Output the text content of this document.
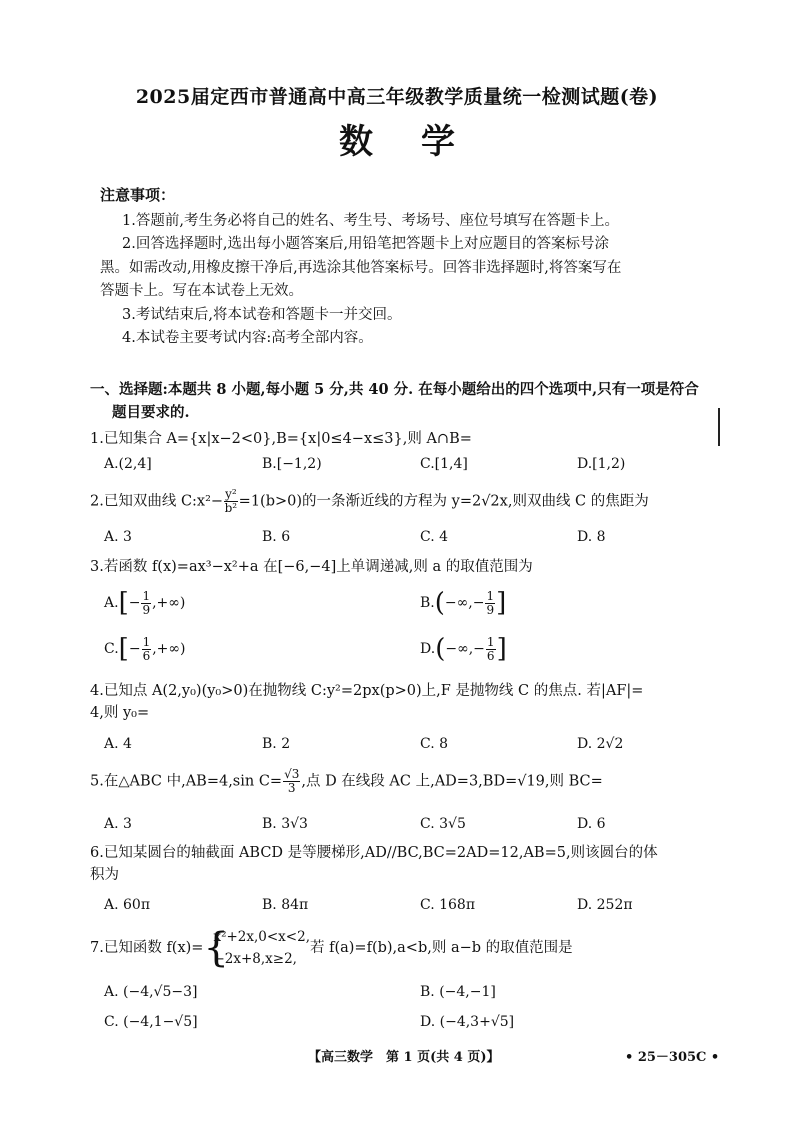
2025届定西市普通高中高三年级教学质量统一检测试题(卷)
数学
注意事项：
1.答题前,考生务必将自己的姓名、考生号、考场号、座位号填写在答题卡上。
2.回答选择题时,选出每小题答案后,用铅笔把答题卡上对应题目的答案标号涂
黑。如需改动,用橡皮擦干净后,再选涂其他答案标号。回答非选择题时,将答案写在
答题卡上。写在本试卷上无效。
3.考试结束后,将本试卷和答题卡一并交回。
4.本试卷主要考试内容:高考全部内容。
一、选择题:本题共 8 小题,每小题 5 分,共 40 分. 在每小题给出的四个选项中,只有一项是符合
题目要求的.
1.已知集合 A={x|x−2<0},B={x|0≤4−x≤3},则 A∩B=
A.(2,4]	B.[−1,2)	C.[1,4]	D.[1,2)
2.已知双曲线 C:x²− $\frac{\text{y²}}{\text{b²}} =1(b>0)$的一条渐近线的方程为 y=2√2x,则双曲线 C 的焦距为
A. 3	B. 6	C. 4	D. 8
3.若函数 f(x)=ax³−x²+a 在[−6,−4]上单调递减,则 a 的取值范围为
$A.[- \frac{1}{9}$ ,+∞)	$B.(-\infty,- \frac{1}{9}$ ]
$C.[- \frac{1}{6}$ ,+∞)	$D.(-\infty,- \frac{1}{6}$ ]
4.已知点 A(2,y₀)(y₀>0)在抛物线 C:y²=2px(p>0)上,F 是抛物线 C 的焦点. 若|AF|=
4,则 y₀=
A. 4	B. 2	C. 8	D. 2√2
5.在△ABC 中,AB=4,sin $C= \frac{√3}{3}$ ,点 D 在线段 AC 上,AD=3,BD=√19,则 BC=
A. 3	B. 3√3	C. 3√5	D. 6
6.已知某圆台的轴截面 ABCD 是等腰梯形,AD//BC,BC=2AD=12,AB=5,则该圆台的体
积为
A. 60π	B. 84π	C. 168π	D. 252π
7.已知函数 f(x)= {
x²+2x,0<x<2,
−2x+8,x≥2,
若 f(a)=f(b),a<b,则 a−b 的取值范围是
A. (−4,√5−3]	B. (−4,−1]
C. (−4,1−√5]	D. (−4,3+√5]
【高三数学　第 1 页(共 4 页)】	• 25－305C •
